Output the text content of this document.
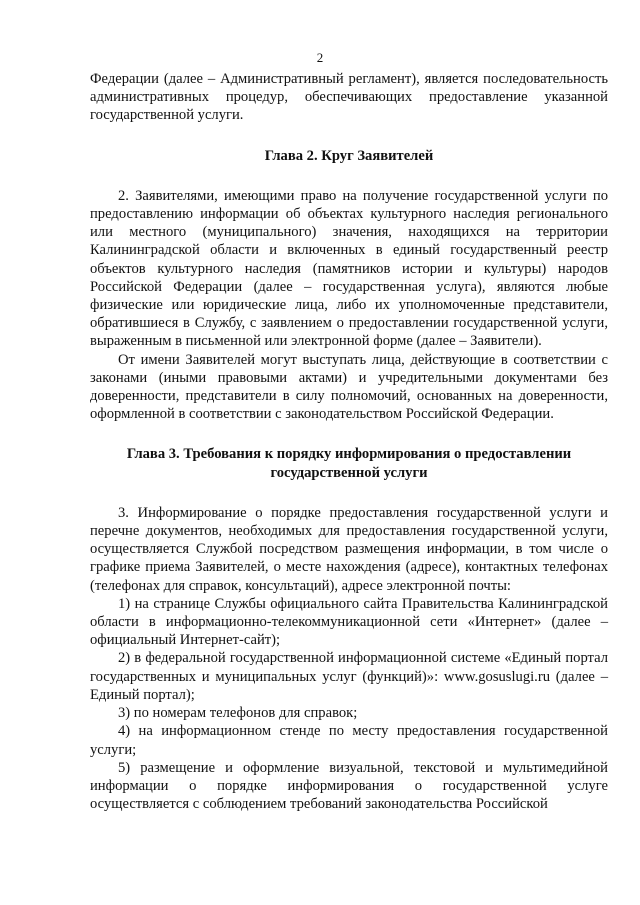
2

Федерации (далее – Административный регламент), является последовательность административных процедур, обеспечивающих предоставление указанной государственной услуги.

Глава 2. Круг Заявителей

2. Заявителями, имеющими право на получение государственной услуги по предоставлению информации об объектах культурного наследия регионального или местного (муниципального) значения, находящихся на территории Калининградской области и включенных в единый государственный реестр объектов культурного наследия (памятников истории и культуры) народов Российской Федерации (далее – государственная услуга), являются любые физические или юридические лица, либо их уполномоченные представители, обратившиеся в Службу, с заявлением о предоставлении государственной услуги, выраженным в письменной или электронной форме (далее – Заявители).

От имени Заявителей могут выступать лица, действующие в соответствии с законами (иными правовыми актами) и учредительными документами без доверенности, представители в силу полномочий, основанных на доверенности, оформленной в соответствии с законодательством Российской Федерации.

Глава 3. Требования к порядку информирования о предоставлении
государственной услуги

3. Информирование о порядке предоставления государственной услуги и перечне документов, необходимых для предоставления государственной услуги, осуществляется Службой посредством размещения информации, в том числе о графике приема Заявителей, о месте нахождения (адресе), контактных телефонах (телефонах для справок, консультаций), адресе электронной почты:

1) на странице Службы официального сайта Правительства Калининградской области в информационно-телекоммуникационной сети «Интернет» (далее – официальный Интернет-сайт);

2) в федеральной государственной информационной системе «Единый портал государственных и муниципальных услуг (функций)»: www.gosuslugi.ru (далее – Единый портал);

3) по номерам телефонов для справок;

4) на информационном стенде по месту предоставления государственной услуги;

5) размещение и оформление визуальной, текстовой и мультимедийной информации о порядке информирования о государственной услуге осуществляется с соблюдением требований законодательства Российской
